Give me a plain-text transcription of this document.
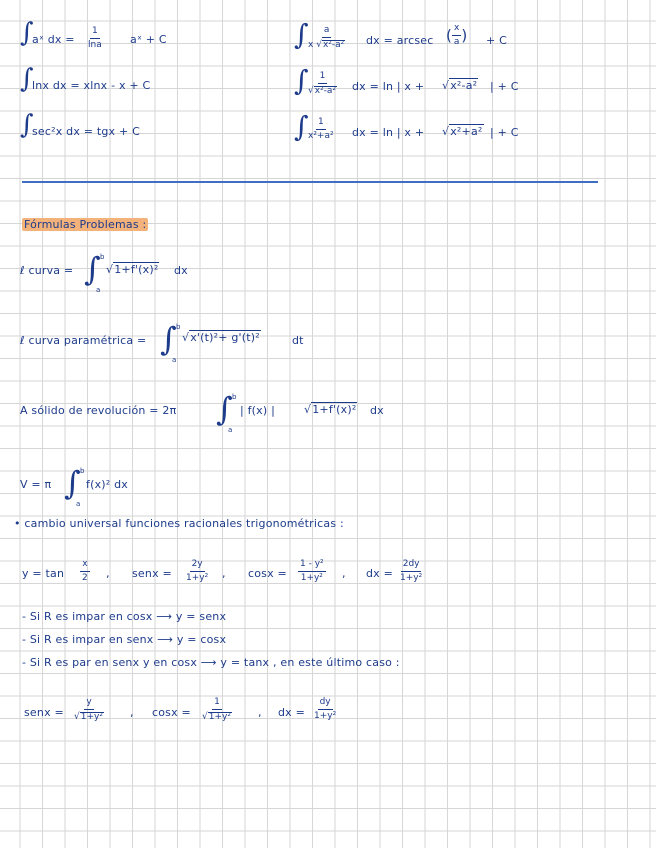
∫
aˣ dx = $\frac{1}{\ln a}$ aˣ + C
∫
lnx dx = xlnx - x + C
∫
sec²x dx = tgx + C
∫
$\frac{a}{\text{x √x²-a²}}$ dx = arcsec ( $\frac{x}{a}$ ) + C
∫
$\frac{1}{\text{√x²-a²}}$ dx = ln | x + √x²-a² | + C
∫
$\frac{1}{\text{x²+a²}}$ dx = ln | x + √x²+a² | + C
Fórmulas Problemas :
ℓ curva = ∫ b
a
√1+f'(x)² dx
ℓ curva paramétrica = ∫ b
a
√x'(t)²+ g'(t)²	dt
A sólido de revolución = 2π ∫ b
a
| f(x) |	√1+f'(x)² dx
V = π ∫ b
a
f(x)² dx
• cambio universal funciones racionales trigonométricas :
$y = \tan \frac{x}{2}$ , senx = $\frac{2y}{\text{1+y²}}$ , $\cos x = \frac{\text{1 - y²}}{\text{1+y²}}$ , dx = $\frac{2dy}{\text{1+y²}}$
- Si R es impar en cosx ⟶ y = senx
- Si R es impar en senx ⟶ y = cosx
- Si R es par en senx y en cosx ⟶ y = tanx , en este último caso :
senx = $\frac{y}{\text{√1+y²}}$ , $\cos x = \frac{1}{\text{√1+y²}}$ , dx = $\frac{dy}{\text{1+y²}}$
